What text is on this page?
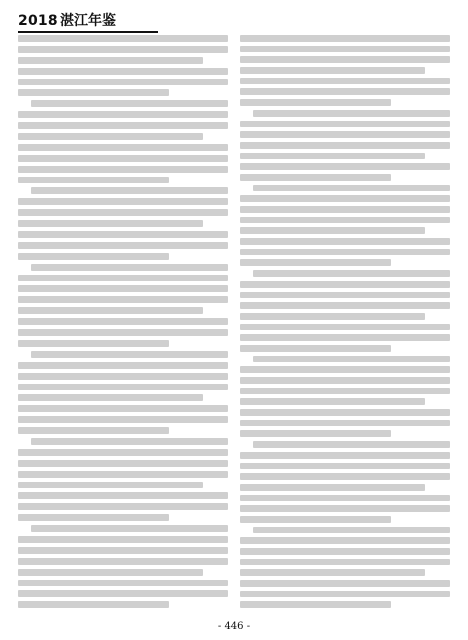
2018 湛江年鉴
- 446 -
